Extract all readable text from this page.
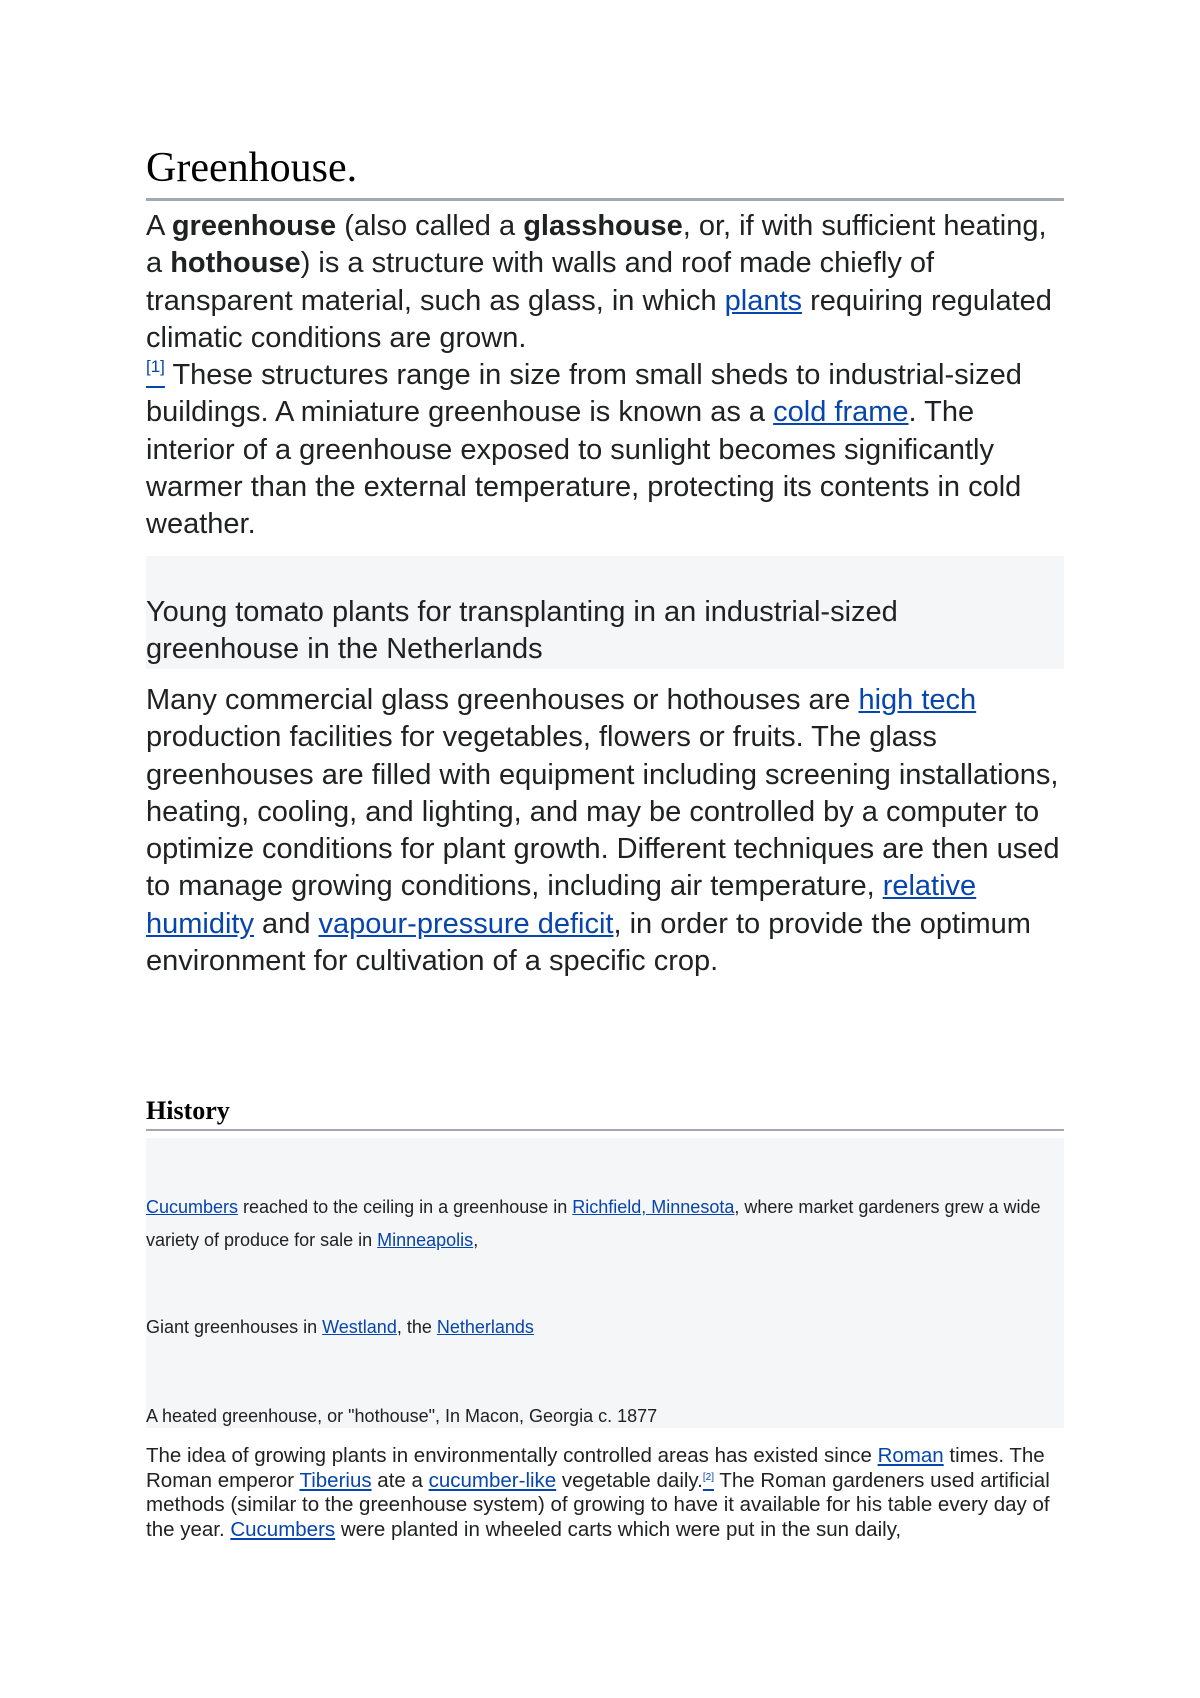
Greenhouse.

A greenhouse (also called a glasshouse, or, if with sufficient heating, a hothouse) is a structure with walls and roof made chiefly of transparent material, such as glass, in which plants requiring regulated climatic conditions are grown.
[1] These structures range in size from small sheds to industrial-sized buildings. A miniature greenhouse is known as a cold frame. The interior of a greenhouse exposed to sunlight becomes significantly warmer than the external temperature, protecting its contents in cold weather.

Young tomato plants for transplanting in an industrial-sized greenhouse in the Netherlands

Many commercial glass greenhouses or hothouses are high tech production facilities for vegetables, flowers or fruits. The glass greenhouses are filled with equipment including screening installations, heating, cooling, and lighting, and may be controlled by a computer to optimize conditions for plant growth. Different techniques are then used to manage growing conditions, including air temperature, relative humidity and vapour-pressure deficit, in order to provide the optimum environment for cultivation of a specific crop.

History
Cucumbers reached to the ceiling in a greenhouse in Richfield, Minnesota, where market gardeners grew a wide variety of produce for sale in Minneapolis,
Giant greenhouses in Westland, the Netherlands
A heated greenhouse, or "hothouse", In Macon, Georgia c. 1877

The idea of growing plants in environmentally controlled areas has existed since Roman times. The Roman emperor Tiberius ate a cucumber-like vegetable daily.[2] The Roman gardeners used artificial methods (similar to the greenhouse system) of growing to have it available for his table every day of the year. Cucumbers were planted in wheeled carts which were put in the sun daily,
